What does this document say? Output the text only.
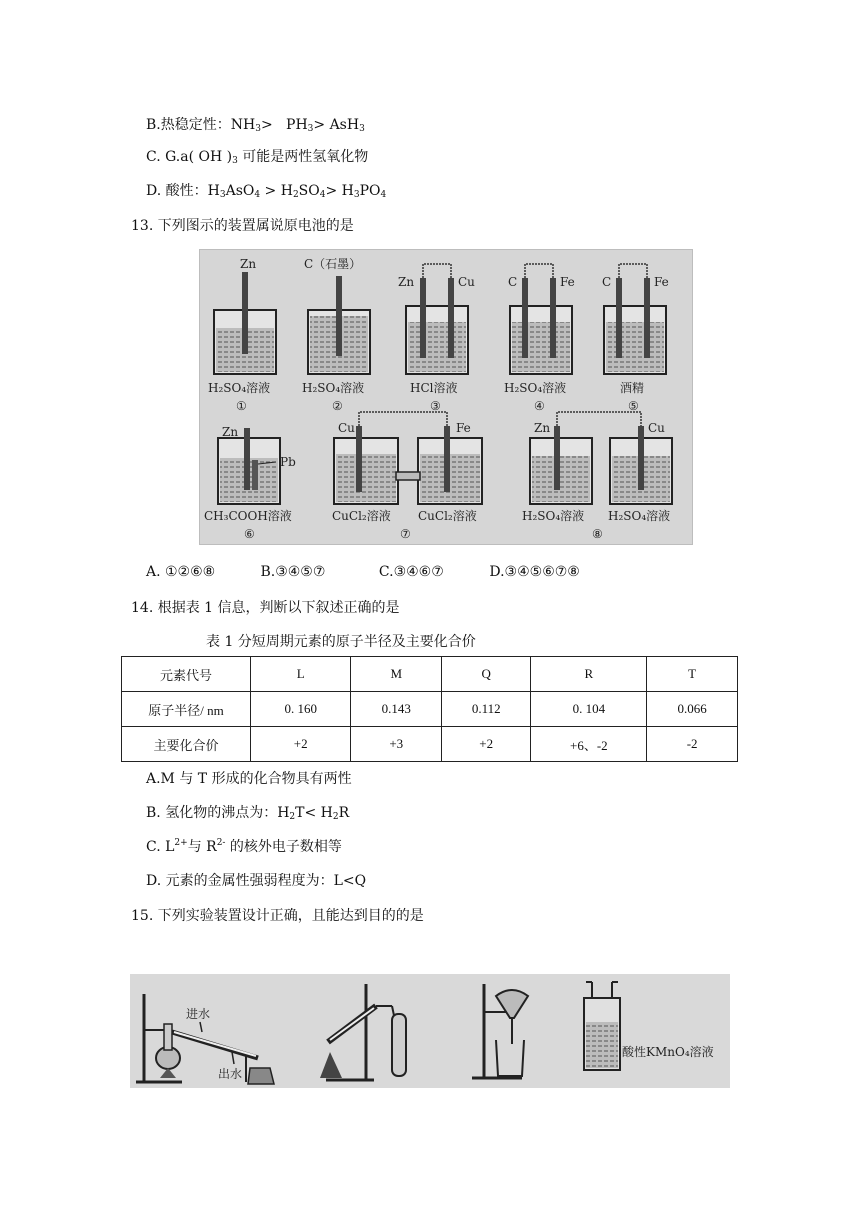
B.热稳定性：$NH_3> PH_3> AsH_3$
C. G.a( OH )$_3$ 可能是两性氢氧化物
D. 酸性：$H_3AsO_4 > H_2SO_4> H_3PO_4$
13. 下列图示的装置属说原电池的是
Zn
H₂SO₄溶液
①
C（石墨）
H₂SO₄溶液
②
Zn	Cu
HCl溶液
③
C	Fe
H₂SO₄溶液
④
C	Fe
酒精
⑤
Zn
Pb
CH₃COOH溶液
⑥
Cu	Fe
CuCl₂溶液 CuCl₂溶液
⑦
Zn	Cu
H₂SO₄溶液 H₂SO₄溶液
⑧
A. ①②⑥⑧	B.③④⑤⑦	C.③④⑥⑦	D.③④⑤⑥⑦⑧
14. 根据表 1 信息，判断以下叙述正确的是
表 1 分短周期元素的原子半径及主要化合价
元素代号	L	M	Q	R	T
原子半径/ nm	0. 160	0.143	0.112	0. 104	0.066
主要化合价	+2	+3	+2	+6、-2	-2
A.M 与 T 形成的化合物具有两性
B. 氢化物的沸点为：$H_2T< H_2R$
C. $L^{2+}$与 $R^{2-}$ 的核外电子数相等
D. 元素的金属性强弱程度为：L<Q
15. 下列实验装置设计正确，且能达到目的的是
进水
出水
酸性KMnO₄溶液
